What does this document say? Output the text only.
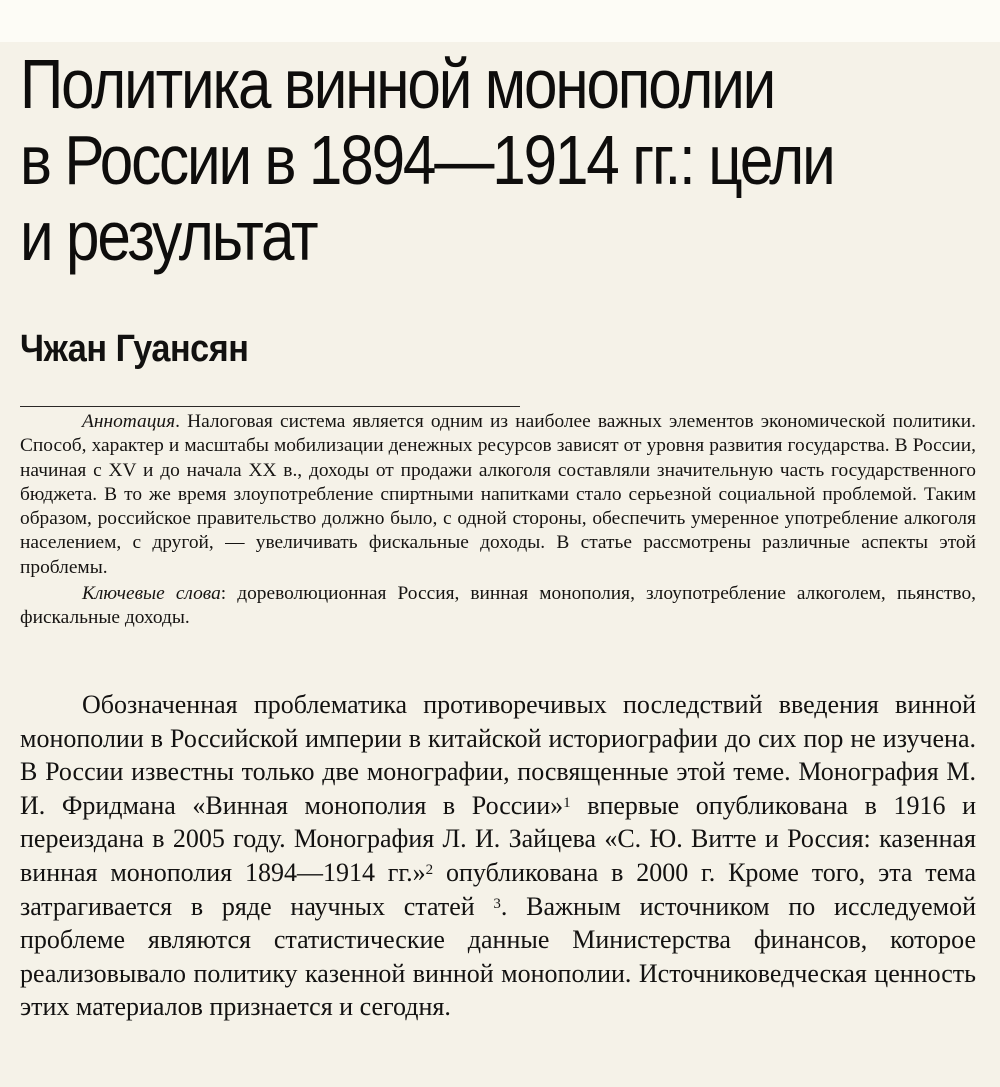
Политика винной монополии
в России в 1894—1914 гг.: цели
и результат
Чжан Гуансян

Аннотация. Налоговая система является одним из наиболее важных элементов экономической политики. Способ, характер и масштабы мобилизации денежных ресурсов зависят от уровня развития государства. В России, начиная с XV и до начала XX в., доходы от продажи алкоголя составляли значительную часть государственного бюджета. В то же время злоупотребление спиртными напитками стало серьезной социальной проблемой. Таким образом, российское правительство должно было, с одной стороны, обеспечить умеренное употребление алкоголя населением, с другой, — увеличивать фискальные доходы. В статье рассмотрены различные аспекты этой проблемы.

Ключевые слова: дореволюционная Россия, винная монополия, злоупотребление алкоголем, пьянство, фискальные доходы.

Обозначенная проблематика противоречивых последствий введения винной монополии в Российской империи в китайской историографии до сих пор не изучена. В России известны только две монографии, посвященные этой теме. Монография М. И. Фридмана «Винная монополия в России»$^1$ впервые опубликована в 1916 и переиздана в 2005 году. Монография Л. И. Зайцева «С. Ю. Витте и Россия: казенная винная монополия 1894—1914 гг.»$^2$ опубликована в 2000 г. Кроме того, эта тема затрагивается в ряде научных статей $^3$. Важным источником по исследуемой проблеме являются статистические данные Министерства финансов, которое реализовывало политику казенной винной монополии. Источниковедческая ценность этих материалов признается и сегодня.
